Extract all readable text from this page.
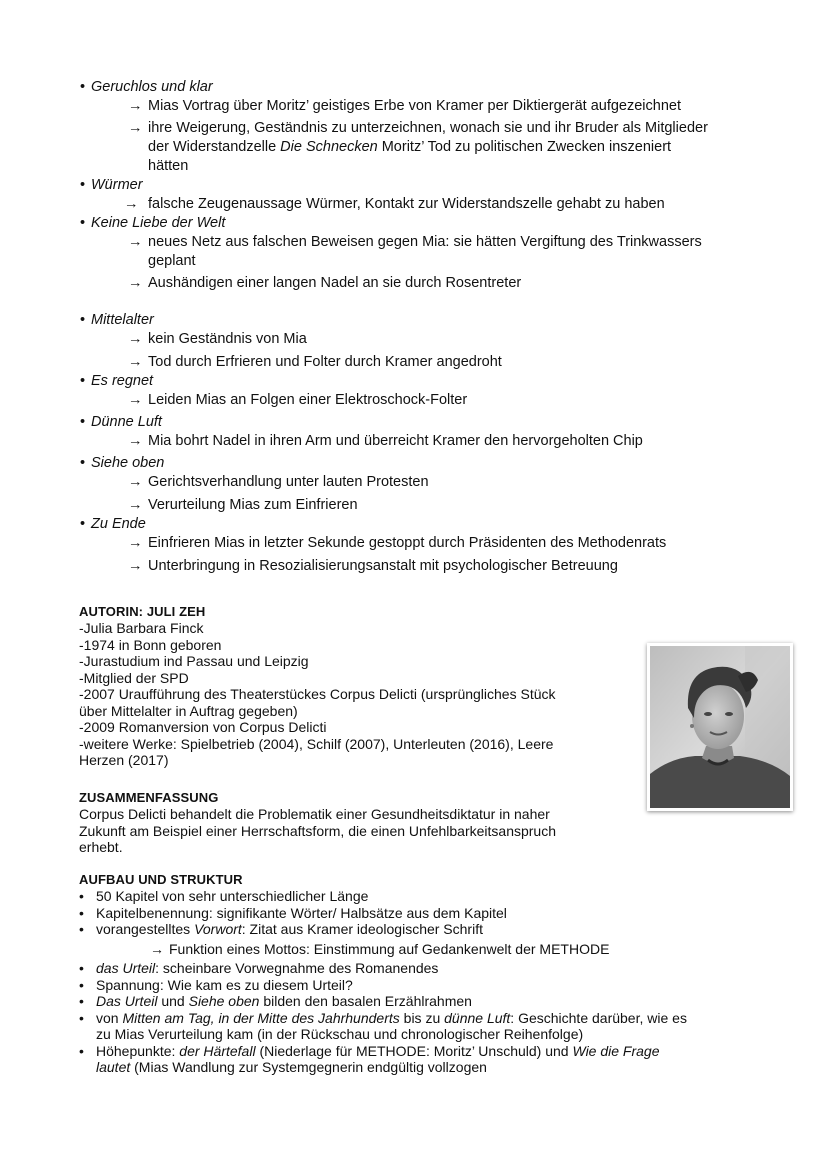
• Geruchlos und klar
→ Mias Vortrag über Moritz’ geistiges Erbe von Kramer per Diktiergerät aufgezeichnet
→ ihre Weigerung, Geständnis zu unterzeichnen, wonach sie und ihr Bruder als Mitglieder
der Widerstandzelle Die Schnecken Moritz’ Tod zu politischen Zwecken inszeniert
hätten
• Würmer
→ falsche Zeugenaussage Würmer, Kontakt zur Widerstandszelle gehabt zu haben
• Keine Liebe der Welt
→ neues Netz aus falschen Beweisen gegen Mia: sie hätten Vergiftung des Trinkwassers
geplant
→ Aushändigen einer langen Nadel an sie durch Rosentreter
• Mittelalter
→ kein Geständnis von Mia
→ Tod durch Erfrieren und Folter durch Kramer angedroht
• Es regnet
→ Leiden Mias an Folgen einer Elektroschock-Folter
• Dünne Luft
→ Mia bohrt Nadel in ihren Arm und überreicht Kramer den hervorgeholten Chip
• Siehe oben
→ Gerichtsverhandlung unter lauten Protesten
→ Verurteilung Mias zum Einfrieren
• Zu Ende
→ Einfrieren Mias in letzter Sekunde gestoppt durch Präsidenten des Methodenrats
→ Unterbringung in Resozialisierungsanstalt mit psychologischer Betreuung
AUTORIN: JULI ZEH
-Julia Barbara Finck
-1974 in Bonn geboren
-Jurastudium ind Passau und Leipzig
-Mitglied der SPD
-2007 Uraufführung des Theaterstückes Corpus Delicti (ursprüngliches Stück
über Mittelalter in Auftrag gegeben)
-2009 Romanversion von Corpus Delicti
-weitere Werke: Spielbetrieb (2004), Schilf (2007), Unterleuten (2016), Leere
Herzen (2017)
ZUSAMMENFASSUNG
Corpus Delicti behandelt die Problematik einer Gesundheitsdiktatur in naher
Zukunft am Beispiel einer Herrschaftsform, die einen Unfehlbarkeitsanspruch
erhebt.
AUFBAU UND STRUKTUR
• 50 Kapitel von sehr unterschiedlicher Länge
• Kapitelbenennung: signifikante Wörter/ Halbsätze aus dem Kapitel
• vorangestelltes Vorwort: Zitat aus Kramer ideologischer Schrift
→ Funktion eines Mottos: Einstimmung auf Gedankenwelt der METHODE
• das Urteil: scheinbare Vorwegnahme des Romanendes
• Spannung: Wie kam es zu diesem Urteil?
• Das Urteil und Siehe oben bilden den basalen Erzählrahmen
• von Mitten am Tag, in der Mitte des Jahrhunderts bis zu dünne Luft: Geschichte darüber, wie es
zu Mias Verurteilung kam (in der Rückschau und chronologischer Reihenfolge)
• Höhepunkte: der Härtefall (Niederlage für METHODE: Moritz’ Unschuld) und Wie die Frage
lautet (Mias Wandlung zur Systemgegnerin endgültig vollzogen
